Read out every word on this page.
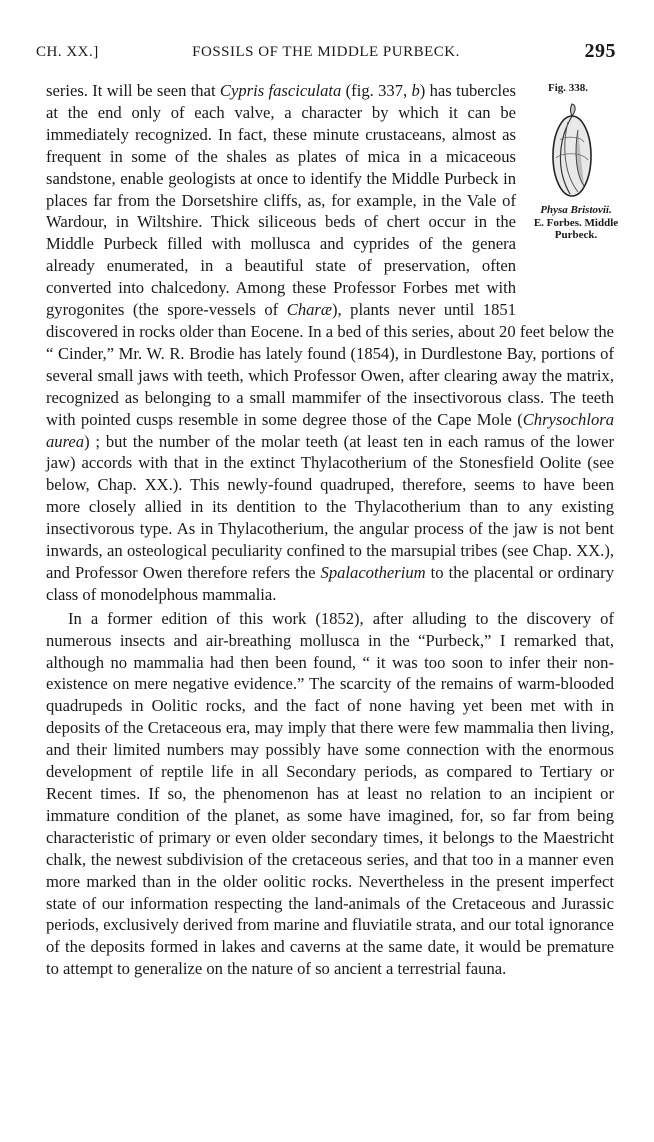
CH. XX.]	FOSSILS OF THE MIDDLE PURBECK.	295
Fig. 338.
Physa Bristovii.
E. Forbes. Middle
Purbeck.

series. It will be seen that Cypris fasciculata (fig. 337, b) has tubercles at the end only of each valve, a character by which it can be immediately recognized. In fact, these minute crustaceans, almost as frequent in some of the shales as plates of mica in a micaceous sandstone, enable geologists at once to identify the Middle Purbeck in places far from the Dorsetshire cliffs, as, for example, in the Vale of Wardour, in Wiltshire. Thick siliceous beds of chert occur in the Middle Purbeck filled with mollusca and cyprides of the genera already enumerated, in a beautiful state of preservation, often converted into chalcedony. Among these Professor Forbes met with gyrogonites (the spore-vessels of Charæ), plants never until 1851 discovered in rocks older than Eocene. In a bed of this series, about 20 feet below the “ Cinder,” Mr. W. R. Brodie has lately found (1854), in Durdlestone Bay, portions of several small jaws with teeth, which Professor Owen, after clearing away the matrix, recognized as belonging to a small mammifer of the insectivorous class. The teeth with pointed cusps resemble in some degree those of the Cape Mole (Chrysochlora aurea) ; but the number of the molar teeth (at least ten in each ramus of the lower jaw) accords with that in the extinct Thylacotherium of the Stonesfield Oolite (see below, Chap. XX.). This newly-found quadruped, therefore, seems to have been more closely allied in its dentition to the Thylacotherium than to any existing insectivorous type. As in Thylacotherium, the angular process of the jaw is not bent inwards, an osteological peculiarity confined to the marsupial tribes (see Chap. XX.), and Professor Owen therefore refers the Spalacotherium to the placental or ordinary class of monodelphous mammalia.

In a former edition of this work (1852), after alluding to the discovery of numerous insects and air-breathing mollusca in the “Purbeck,” I remarked that, although no mammalia had then been found, “ it was too soon to infer their non-existence on mere negative evidence.” The scarcity of the remains of warm-blooded quadrupeds in Oolitic rocks, and the fact of none having yet been met with in deposits of the Cretaceous era, may imply that there were few mammalia then living, and their limited numbers may possibly have some connection with the enormous development of reptile life in all Secondary periods, as compared to Tertiary or Recent times. If so, the phenomenon has at least no relation to an incipient or immature condition of the planet, as some have imagined, for, so far from being characteristic of primary or even older secondary times, it belongs to the Maestricht chalk, the newest subdivision of the cretaceous series, and that too in a manner even more marked than in the older oolitic rocks. Nevertheless in the present imperfect state of our information respecting the land-animals of the Cretaceous and Jurassic periods, exclusively derived from marine and fluviatile strata, and our total ignorance of the deposits formed in lakes and caverns at the same date, it would be premature to attempt to generalize on the nature of so ancient a terrestrial fauna.
